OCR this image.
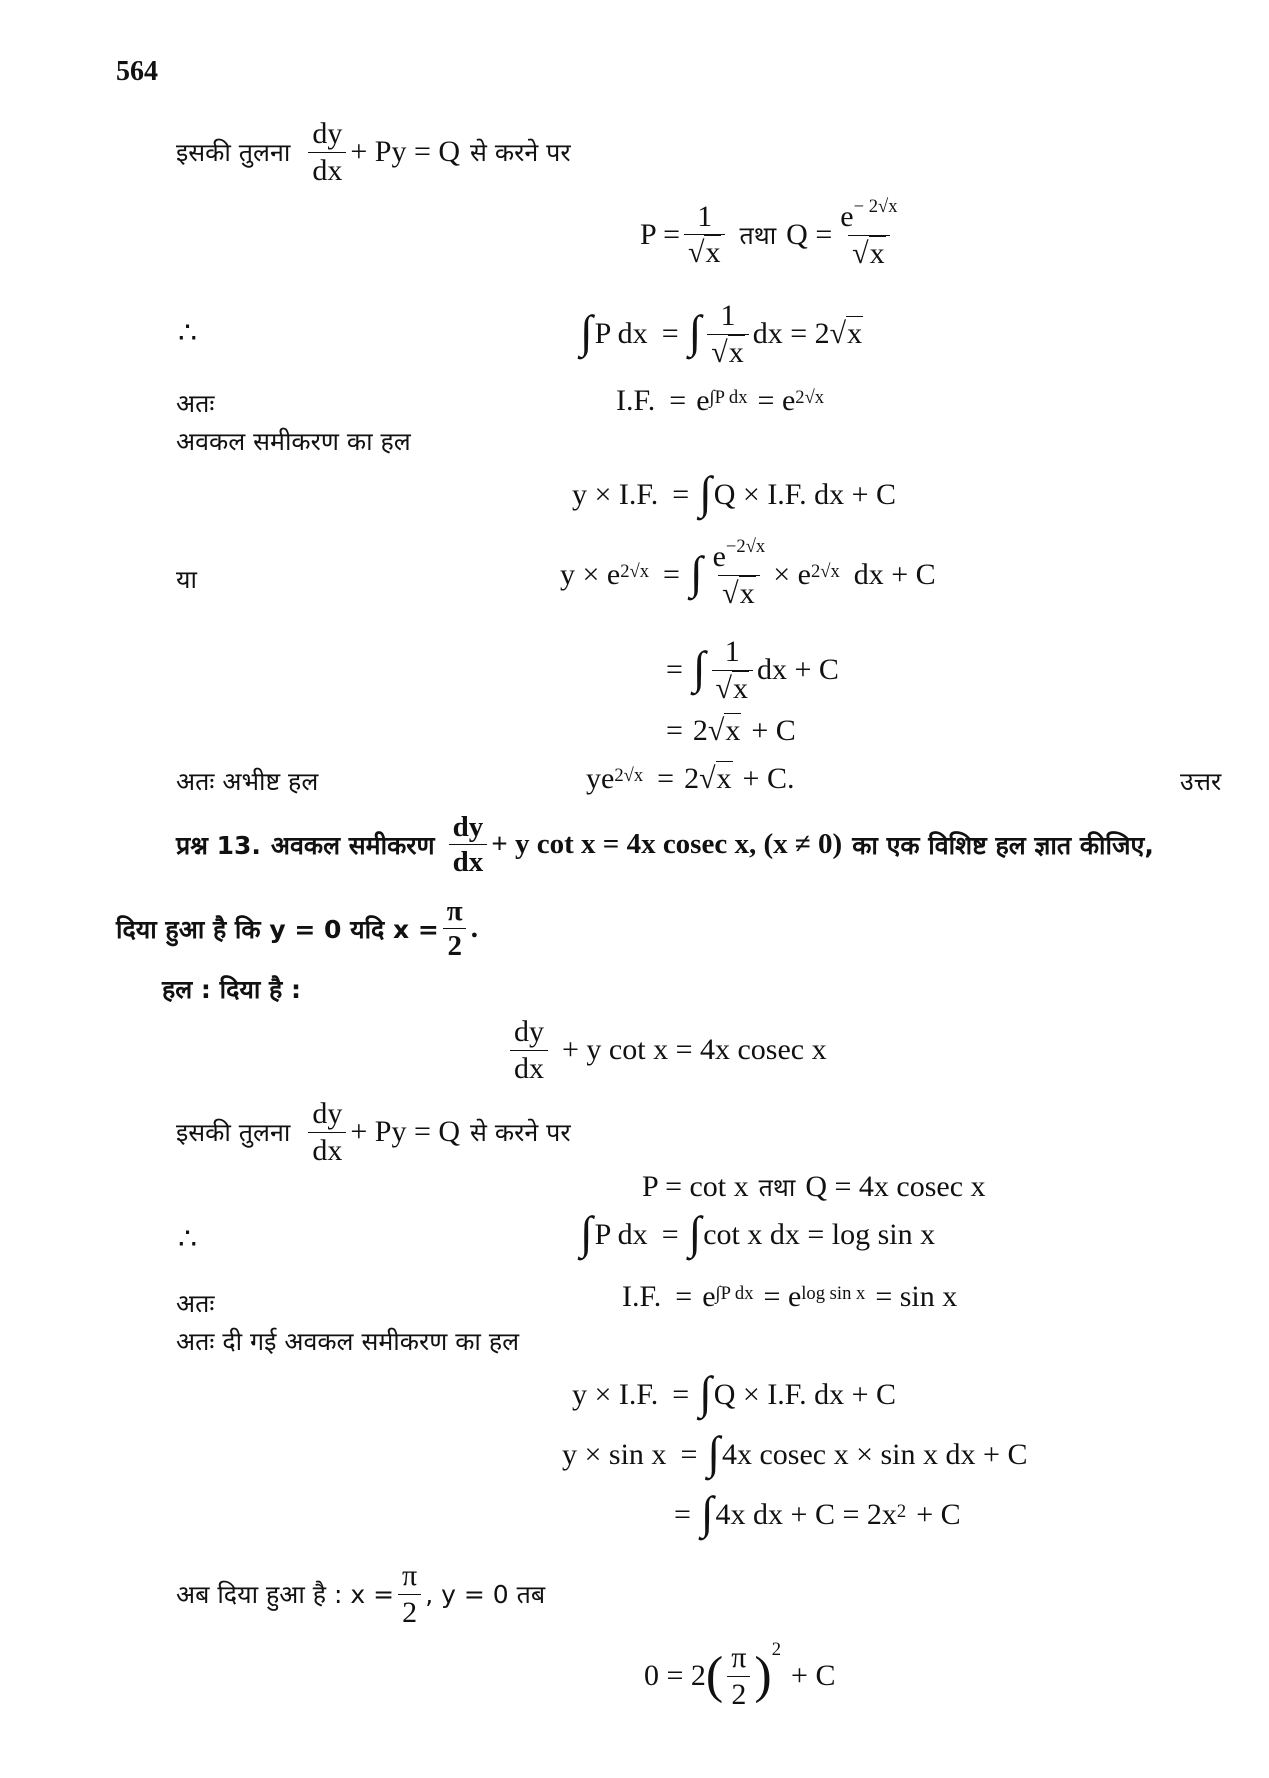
564
इसकी तुलना $\frac{dy}{dx} + Py = Q$ से करने पर
$P = \frac{1}{√x}$ तथा $Q = \frac{e^{- 2√x}}{√x}$
∴	∫ P dx = ∫ $\frac{1}{√x}$ dx = 2 √x
अतः	I.F. = $e^{\int P dx} = e^{2√x}$
अवकल समीकरण का हल
y × I.F. = ∫ Q × I.F. dx + C
या	$y \times e^{2√x}$ = ∫ $\frac{e^{-2√x}}{√x} \times e^{2√x}$ dx + C
= ∫ $\frac{1}{√x}$ dx + C
= 2 √x + C
अतः अभीष्ट हल	$ye^{2√x} = 2$ √x + C.	उत्तर
प्रश्न 13. अवकल समीकरण $\frac{dy}{dx} + y$ cot x = 4x cosec x, (x ≠ 0) का एक विशिष्ट हल ज्ञात कीजिए,
दिया हुआ है कि y = 0 यदि $x = \frac{\pi}{2}$ .
हल : दिया है :
$\frac{dy}{dx} + y$ cot x = 4x cosec x
इसकी तुलना $\frac{dy}{dx} + Py = Q$ से करने पर
P = cot x तथा Q = 4x cosec x
∴	∫ P dx = ∫ cot x dx = log sin x
अतः	I.F. = $e^{\int P dx} = e^{log sin x} = \sin x$
अतः दी गई अवकल समीकरण का हल
y × I.F. = ∫ Q × I.F. dx + C
y × sin x = ∫ 4x cosec x × sin x dx + C
= ∫ 4x dx + $C = 2x^2 + C$
अब दिया हुआ है : $x = \frac{\pi}{2}$ , y = 0 तब
0 = 2 ( $\frac{\pi}{2} )^2$
+ C
